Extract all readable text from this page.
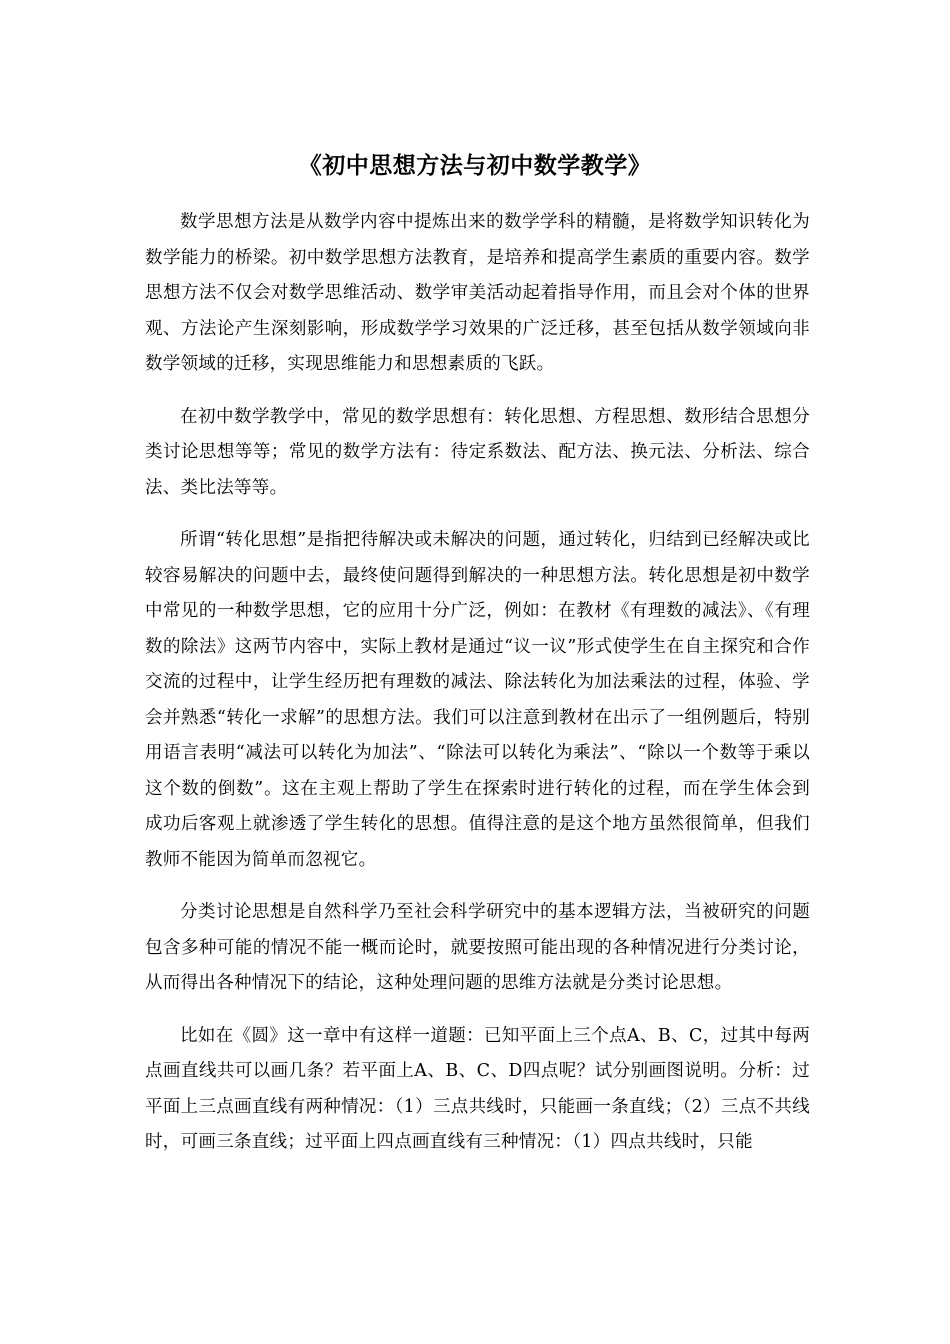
《初中思想方法与初中数学教学》

数学思想方法是从数学内容中提炼出来的数学学科的精髓，是将数学知识转化为数学能力的桥梁。初中数学思想方法教育，是培养和提高学生素质的重要内容。数学思想方法不仅会对数学思维活动、数学审美活动起着指导作用，而且会对个体的世界观、方法论产生深刻影响，形成数学学习效果的广泛迁移，甚至包括从数学领域向非数学领域的迁移，实现思维能力和思想素质的飞跃。

在初中数学教学中，常见的数学思想有：转化思想、方程思想、数形结合思想分类讨论思想等等；常见的数学方法有：待定系数法、配方法、换元法、分析法、综合法、类比法等等。

所谓“转化思想”是指把待解决或未解决的问题，通过转化，归结到已经解决或比较容易解决的问题中去，最终使问题得到解决的一种思想方法。转化思想是初中数学中常见的一种数学思想，它的应用十分广泛，例如：在教材《有理数的减法》、《有理数的除法》这两节内容中，实际上教材是通过“议一议”形式使学生在自主探究和合作交流的过程中，让学生经历把有理数的减法、除法转化为加法乘法的过程，体验、学会并熟悉“转化一求解”的思想方法。我们可以注意到教材在出示了一组例题后，特别用语言表明“减法可以转化为加法”、“除法可以转化为乘法”、“除以一个数等于乘以这个数的倒数”。这在主观上帮助了学生在探索时进行转化的过程，而在学生体会到成功后客观上就渗透了学生转化的思想。值得注意的是这个地方虽然很简单，但我们教师不能因为简单而忽视它。

分类讨论思想是自然科学乃至社会科学研究中的基本逻辑方法，当被研究的问题包含多种可能的情况不能一概而论时，就要按照可能出现的各种情况进行分类讨论，从而得出各种情况下的结论，这种处理问题的思维方法就是分类讨论思想。

比如在《圆》这一章中有这样一道题：已知平面上三个点A、B、C，过其中每两点画直线共可以画几条？若平面上A、B、C、D四点呢？试分别画图说明。分析：过平面上三点画直线有两种情况：（1）三点共线时，只能画一条直线；（2）三点不共线时，可画三条直线；过平面上四点画直线有三种情况：（1）四点共线时，只能
